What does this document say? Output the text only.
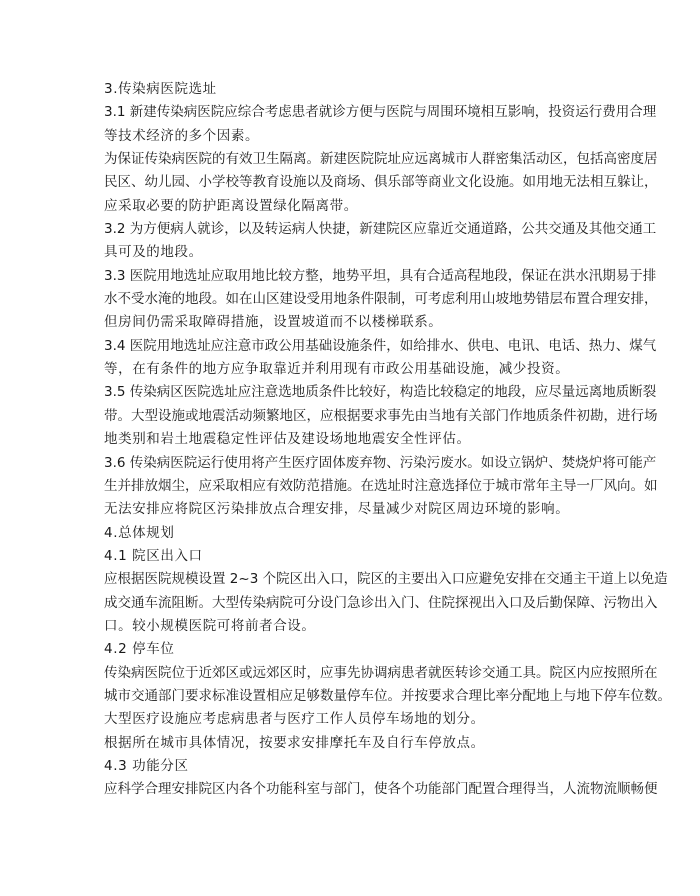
3.传染病医院选址
3.1 新建传染病医院应综合考虑患者就诊方便与医院与周围环境相互影响，投资运行费用合理
等技术经济的多个因素。
为保证传染病医院的有效卫生隔离。新建医院院址应远离城市人群密集活动区，包括高密度居
民区、幼儿园、小学校等教育设施以及商场、俱乐部等商业文化设施。如用地无法相互躲让，
应采取必要的防护距离设置绿化隔离带。
3.2 为方便病人就诊，以及转运病人快捷，新建院区应靠近交通道路，公共交通及其他交通工
具可及的地段。
3.3 医院用地选址应取用地比较方整，地势平坦，具有合适高程地段，保证在洪水汛期易于排
水不受水淹的地段。如在山区建设受用地条件限制，可考虑利用山坡地势错层布置合理安排，
但房间仍需采取障碍措施，设置坡道而不以楼梯联系。
3.4 医院用地选址应注意市政公用基础设施条件，如给排水、供电、电讯、电话、热力、煤气
等，在有条件的地方应争取靠近并利用现有市政公用基础设施，减少投资。
3.5 传染病区医院选址应注意选地质条件比较好，构造比较稳定的地段，应尽量远离地质断裂
带。大型设施或地震活动频繁地区，应根据要求事先由当地有关部门作地质条件初勘，进行场
地类别和岩土地震稳定性评估及建设场地地震安全性评估。
3.6 传染病医院运行使用将产生医疗固体废弃物、污染污废水。如设立锅炉、焚烧炉将可能产
生并排放烟尘，应采取相应有效防范措施。在选址时注意选择位于城市常年主导一厂风向。如
无法安排应将院区污染排放点合理安排，尽量减少对院区周边环境的影响。
4.总体规划
4.1 院区出入口
应根据医院规模设置 2~3 个院区出入口，院区的主要出入口应避免安排在交通主干道上以免造
成交通车流阻断。大型传染病院可分设门急诊出入门、住院探视出入口及后勤保障、污物出入
口。较小规模医院可将前者合设。
4.2 停车位
传染病医院位于近郊区或远郊区时，应事先协调病患者就医转诊交通工具。院区内应按照所在
城市交通部门要求标准设置相应足够数量停车位。并按要求合理比率分配地上与地下停车位数。
大型医疗设施应考虑病患者与医疗工作人员停车场地的划分。
根据所在城市具体情况，按要求安排摩托车及自行车停放点。
4.3 功能分区
应科学合理安排院区内各个功能科室与部门，使各个功能部门配置合理得当，人流物流顺畅便
